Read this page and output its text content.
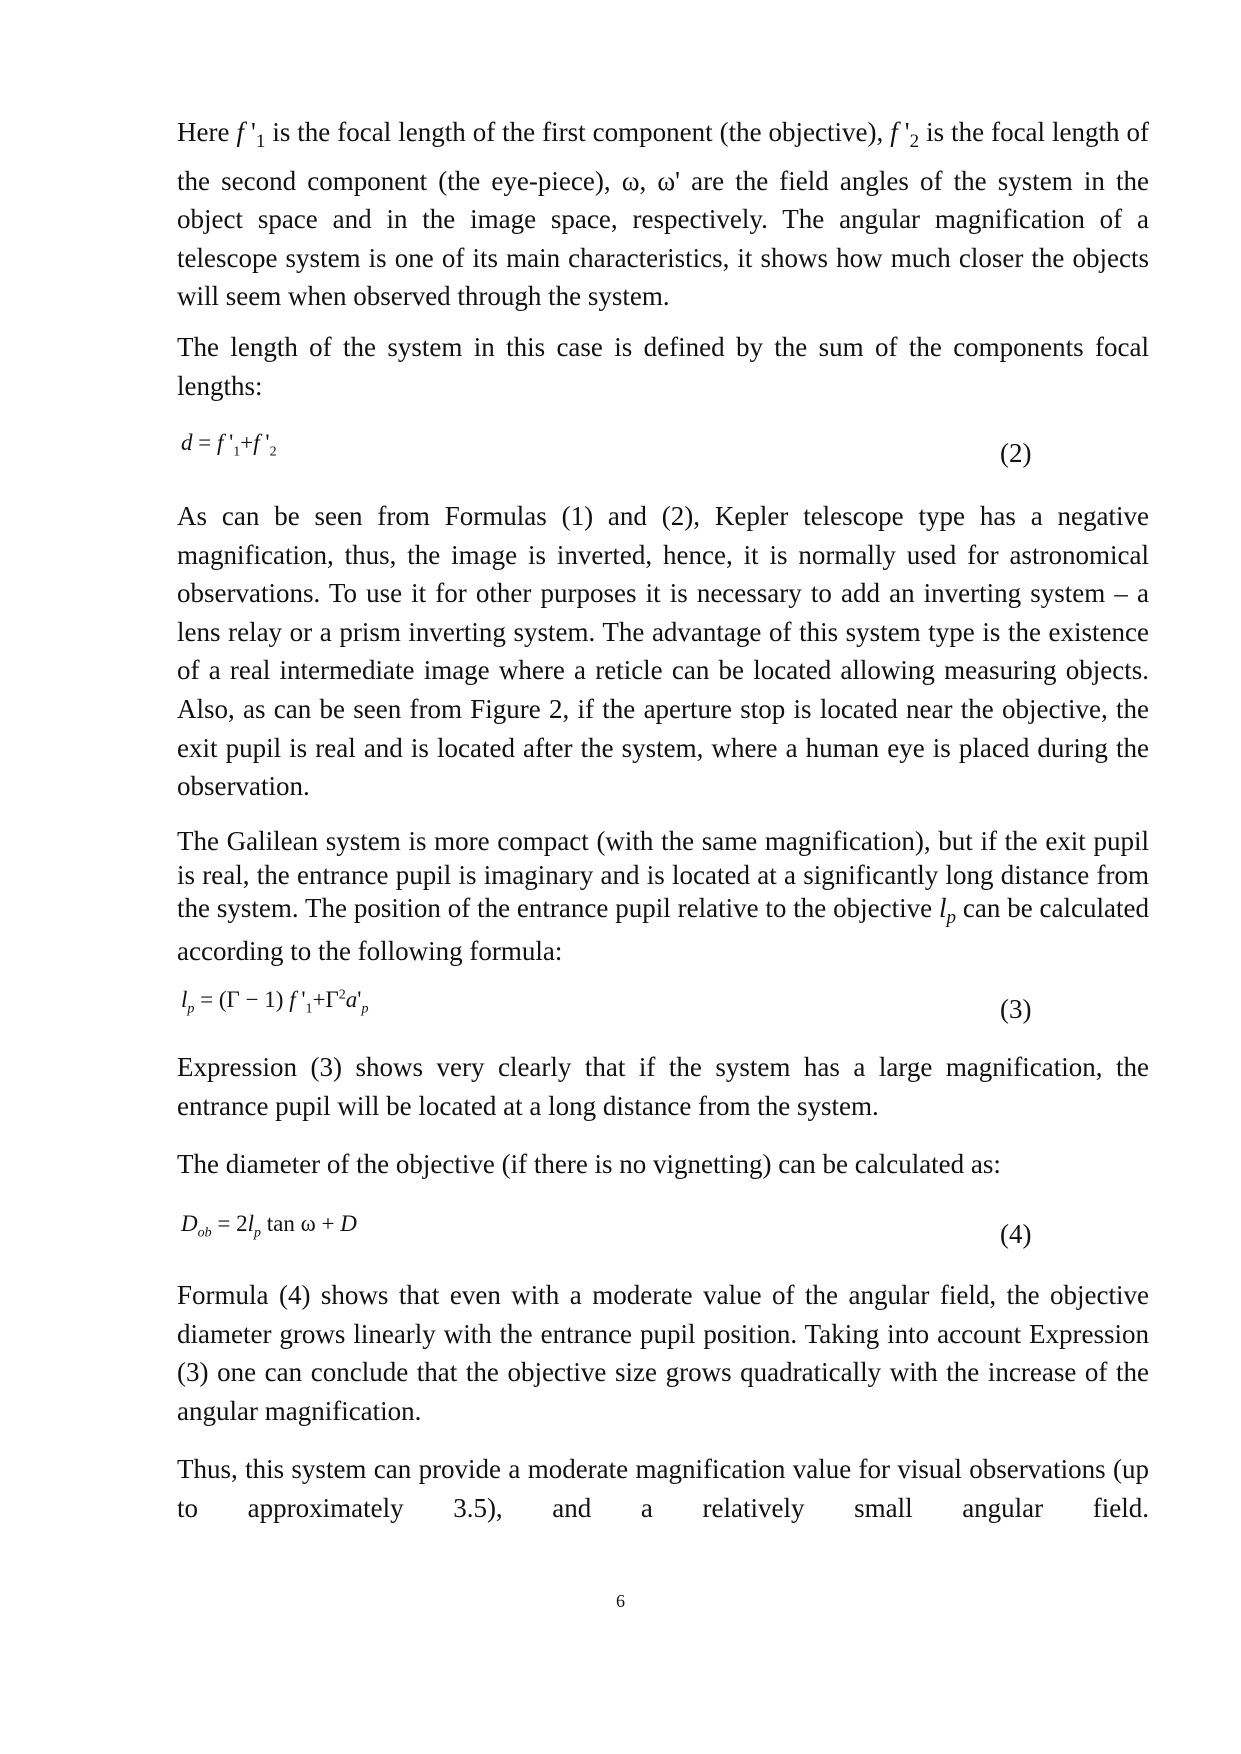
Here f '$_1$ is the focal length of the first component (the objective), f '$_2$ is the focal length of the second component (the eye-piece), ω, ω' are the field angles of the system in the object space and in the image space, respectively. The angular magnification of a telescope system is one of its main characteristics, it shows how much closer the objects will seem when observed through the system.

The length of the system in this case is defined by the sum of the components focal lengths:

d = f '$_1+f$ '$_2$	(2)

As can be seen from Formulas (1) and (2), Kepler telescope type has a negative magnification, thus, the image is inverted, hence, it is normally used for astronomical observations. To use it for other purposes it is necessary to add an inverting system – a lens relay or a prism inverting system. The advantage of this system type is the existence of a real intermediate image where a reticle can be located allowing measuring objects. Also, as can be seen from Figure 2, if the aperture stop is located near the objective, the exit pupil is real and is located after the system, where a human eye is placed during the observation.

The Galilean system is more compact (with the same magnification), but if the exit pupil is real, the entrance pupil is imaginary and is located at a significantly long distance from the system. The position of the entrance pupil relative to the objective $l_p$ can be calculated according to the following formula:

$l_p = (\Gamma - 1)$ f '$_1+\Gamma^2a'_p$	(3)

Expression (3) shows very clearly that if the system has a large magnification, the entrance pupil will be located at a long distance from the system.

The diameter of the objective (if there is no vignetting) can be calculated as:

$D_{ob} = 2l_p$ tan ω + D	(4)

Formula (4) shows that even with a moderate value of the angular field, the objective diameter grows linearly with the entrance pupil position. Taking into account Expression (3) one can conclude that the objective size grows quadratically with the increase of the angular magnification.

Thus, this system can provide a moderate magnification value for visual observations (up to approximately 3.5), and a relatively small angular field.

6
